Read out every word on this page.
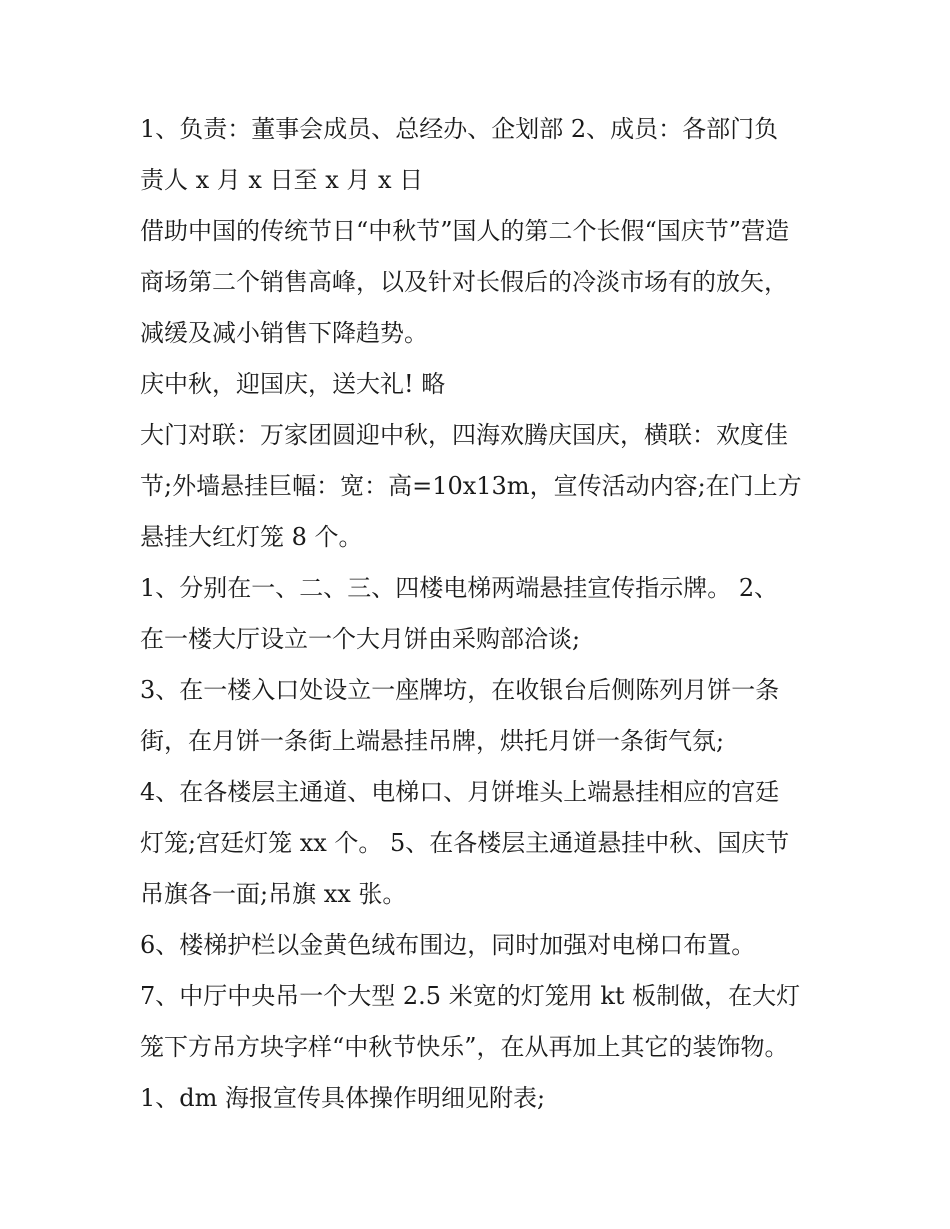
1、负责：董事会成员、总经办、企划部 2、成员：各部门负

责人 x 月 x 日至 x 月 x 日

借助中国的传统节日“中秋节”国人的第二个长假“国庆节”营造

商场第二个销售高峰，以及针对长假后的冷淡市场有的放矢，

减缓及减小销售下降趋势。

庆中秋，迎国庆，送大礼! 略

大门对联：万家团圆迎中秋，四海欢腾庆国庆，横联：欢度佳

节;外墙悬挂巨幅：宽：高=10x13m，宣传活动内容;在门上方

悬挂大红灯笼 8 个。

1、分别在一、二、三、四楼电梯两端悬挂宣传指示牌。 2、

在一楼大厅设立一个大月饼由采购部洽谈;

3、在一楼入口处设立一座牌坊，在收银台后侧陈列月饼一条

街，在月饼一条街上端悬挂吊牌，烘托月饼一条街气氛;

4、在各楼层主通道、电梯口、月饼堆头上端悬挂相应的宫廷

灯笼;宫廷灯笼 xx 个。 5、在各楼层主通道悬挂中秋、国庆节

吊旗各一面;吊旗 xx 张。

6、楼梯护栏以金黄色绒布围边，同时加强对电梯口布置。

7、中厅中央吊一个大型 2.5 米宽的灯笼用 kt 板制做，在大灯

笼下方吊方块字样“中秋节快乐”，在从再加上其它的装饰物。

1、dm 海报宣传具体操作明细见附表;
